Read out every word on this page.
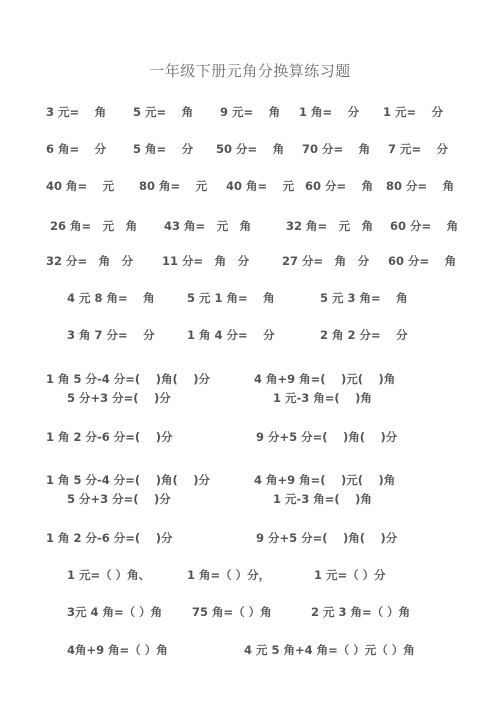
一年级下册元角分换算练习题
3 元=　 角 5 元=　 角 9 元=　 角 1 角=　 分 1 元=　 分
6 角=　 分 5 角=　 分 50 分=　 角 70 分=　 角 7 元=　 分
40 角=　 元 80 角=　 元 40 角=　 元 60 分=　 角 80 分=　 角
26 角=　元　角 43 角=　元　角	32 角=　元　角 60 分=　 角
32 分=　角　分	11 分=　角　分	27 分=　角　分 60 分=　 角
4 元 8 角=　 角	5 元 1 角=　 角	5 元 3 角=　 角
3 角 7 分=　 分	1 角 4 分=　 分	2 角 2 分=　 分
1 角 5 分-4 分=(　 )角(　 )分	4 角+9 角=(　 )元(　 )角
5 分+3 分=(　 )分	1 元-3 角=(　 )角
1 角 2 分-6 分=(　 )分	9 分+5 分=(　 )角(　 )分
1 角 5 分-4 分=(　 )角(　 )分	4 角+9 角=(　 )元(　 )角
5 分+3 分=(　 )分	1 元-3 角=(　 )角
1 角 2 分-6 分=(　 )分	9 分+5 分=(　 )角(　 )分
1 元=（ ）角、	1 角=（ ）分，	1 元=（ ）分
3元 4 角=（ ）角	75 角=（ ）角	2 元 3 角=（ ）角
4角+9 角=（ ）角	4 元 5 角+4 角=（ ）元（ ）角
